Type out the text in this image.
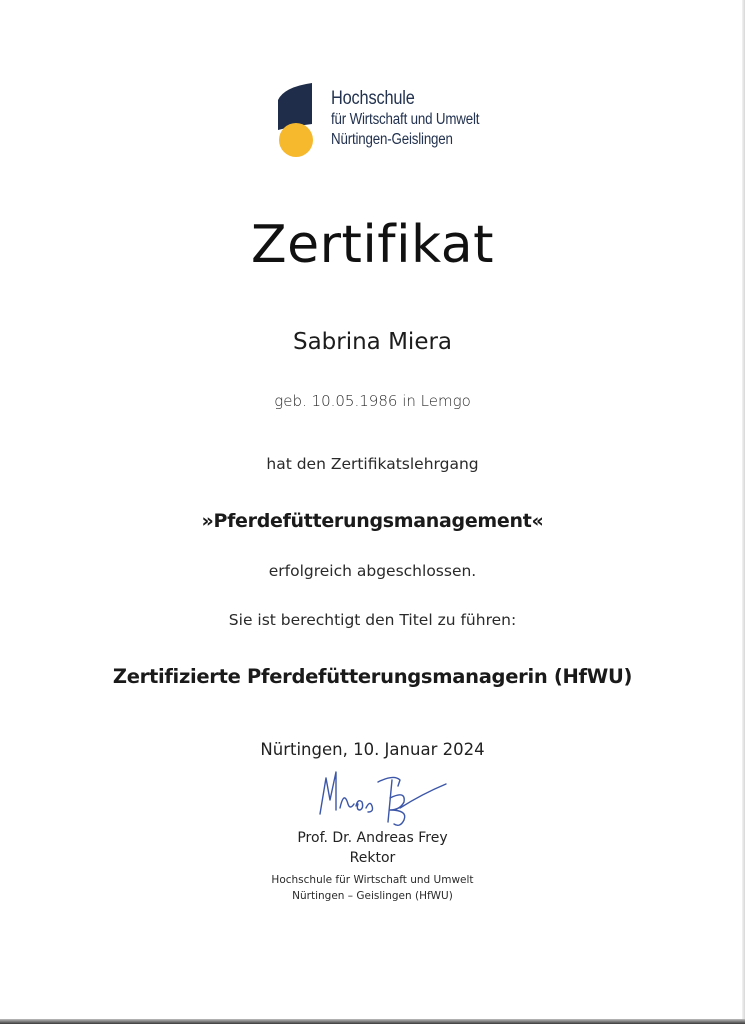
Hochschule
für Wirtschaft und Umwelt
Nürtingen-Geislingen
Zertifikat
Sabrina Miera
geb. 10.05.1986 in Lemgo
hat den Zertifikatslehrgang
»Pferdefütterungsmanagement«
erfolgreich abgeschlossen.
Sie ist berechtigt den Titel zu führen:
Zertifizierte Pferdefütterungsmanagerin (HfWU)
Nürtingen, 10. Januar 2024
Prof. Dr. Andreas Frey
Rektor
Hochschule für Wirtschaft und Umwelt
Nürtingen – Geislingen (HfWU)
